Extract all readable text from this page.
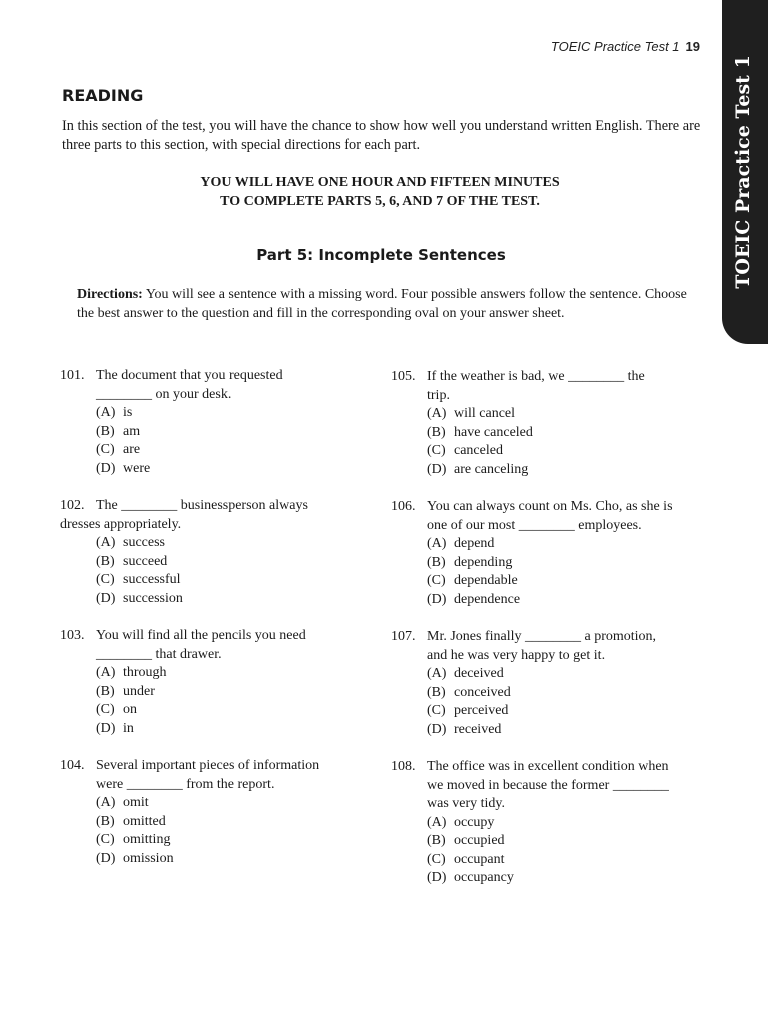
TOEIC Practice Test 1 19
TOEIC Practice Test 1
READING
In this section of the test, you will have the chance to show how well you understand written English. There are three parts to this section, with special directions for each part.
YOU WILL HAVE ONE HOUR AND FIFTEEN MINUTES
TO COMPLETE PARTS 5, 6, AND 7 OF THE TEST.
Part 5: Incomplete Sentences
Directions: You will see a sentence with a missing word. Four possible answers follow the sentence. Choose the best answer to the question and fill in the corresponding oval on your answer sheet.
101. The document that you requested
________ on your desk.
(A) is
(B) am
(C) are
(D) were
102. The ________ businessperson always
dresses appropriately.
(A) success
(B) succeed
(C) successful
(D) succession
103. You will find all the pencils you need
________ that drawer.
(A) through
(B) under
(C) on
(D) in
104. Several important pieces of information
were ________ from the report.
(A) omit
(B) omitted
(C) omitting
(D) omission
105. If the weather is bad, we ________ the
trip.
(A) will cancel
(B) have canceled
(C) canceled
(D) are canceling
106. You can always count on Ms. Cho, as she is
one of our most ________ employees.
(A) depend
(B) depending
(C) dependable
(D) dependence
107. Mr. Jones finally ________ a promotion,
and he was very happy to get it.
(A) deceived
(B) conceived
(C) perceived
(D) received
108. The office was in excellent condition when
we moved in because the former ________
was very tidy.
(A) occupy
(B) occupied
(C) occupant
(D) occupancy
